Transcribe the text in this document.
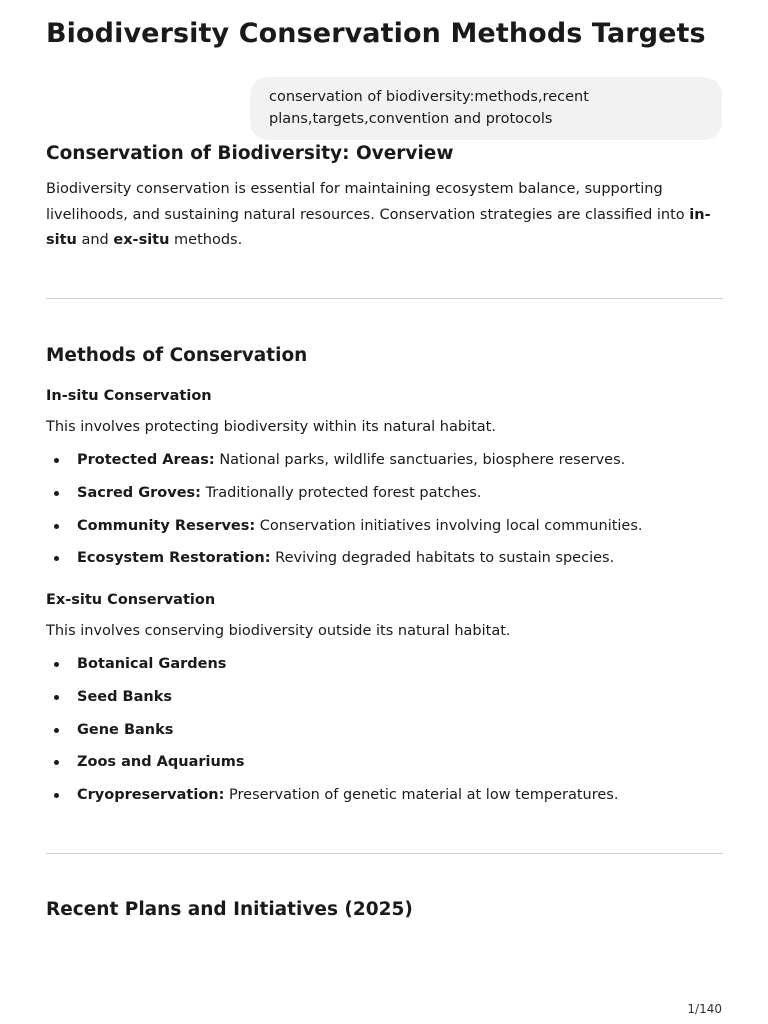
Biodiversity Conservation Methods Targets
conservation of biodiversity:methods,recent plans,targets,convention and protocols
Conservation of Biodiversity: Overview

Biodiversity conservation is essential for maintaining ecosystem balance, supporting livelihoods, and sustaining natural resources. Conservation strategies are classified into in-situ and ex-situ methods.

Methods of Conservation
In-situ Conservation

This involves protecting biodiversity within its natural habitat.

Protected Areas: National parks, wildlife sanctuaries, biosphere reserves.
Sacred Groves: Traditionally protected forest patches.
Community Reserves: Conservation initiatives involving local communities.
Ecosystem Restoration: Reviving degraded habitats to sustain species.
Ex-situ Conservation

This involves conserving biodiversity outside its natural habitat.

Botanical Gardens
Seed Banks
Gene Banks
Zoos and Aquariums
Cryopreservation: Preservation of genetic material at low temperatures.
Recent Plans and Initiatives (2025)
1/140
